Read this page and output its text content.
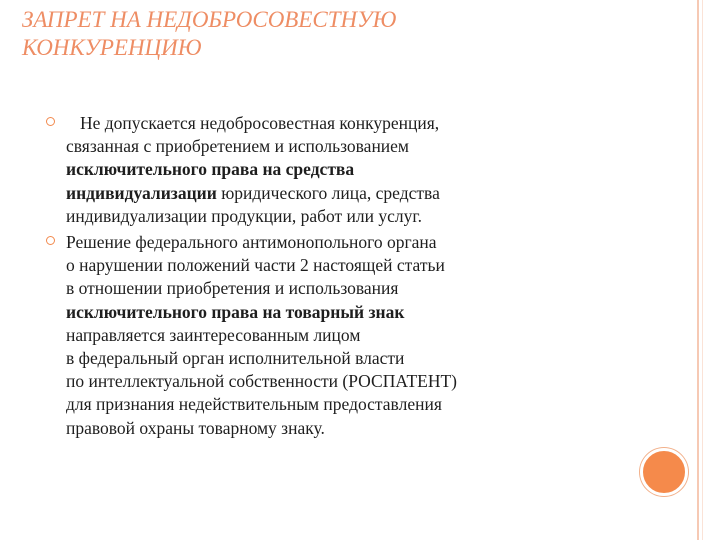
ЗАПРЕТ НА НЕДОБРОСОВЕСТНУЮ
КОНКУРЕНЦИЮ
Не допускается недобросовестная конкуренция,
связанная с приобретением и использованием
исключительного права на средства
индивидуализации юридического лица, средства
индивидуализации продукции, работ или услуг.
Решение федерального антимонопольного органа
о нарушении положений части 2 настоящей статьи
в отношении приобретения и использования
исключительного права на товарный знак
направляется заинтересованным лицом
в федеральный орган исполнительной власти
по интеллектуальной собственности (РОСПАТЕНТ)
для признания недействительным предоставления
правовой охраны товарному знаку.
